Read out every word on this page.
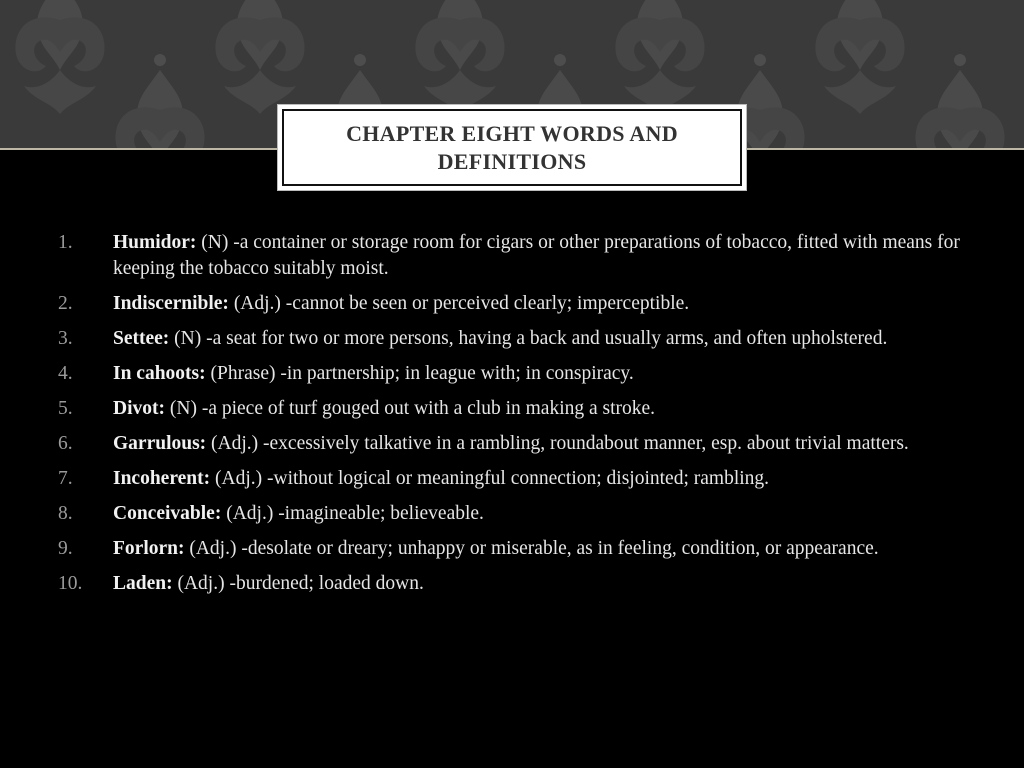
CHAPTER EIGHT WORDS AND DEFINITIONS
1.	Humidor: (N) -a container or storage room for cigars or other preparations of tobacco, fitted with means for keeping the tobacco suitably moist.
2.	Indiscernible: (Adj.) -cannot be seen or perceived clearly; imperceptible.
3.	Settee: (N) -a seat for two or more persons, having a back and usually arms, and often upholstered.
4.	In cahoots: (Phrase) -in partnership; in league with; in conspiracy.
5.	Divot: (N) -a piece of turf gouged out with a club in making a stroke.
6.	Garrulous: (Adj.) -excessively talkative in a rambling, roundabout manner, esp. about trivial matters.
7.	Incoherent: (Adj.) -without logical or meaningful connection; disjointed; rambling.
8.	Conceivable: (Adj.) -imagineable; believeable.
9.	Forlorn: (Adj.) -desolate or dreary; unhappy or miserable, as in feeling, condition, or appearance.
10.	Laden: (Adj.) -burdened; loaded down.
